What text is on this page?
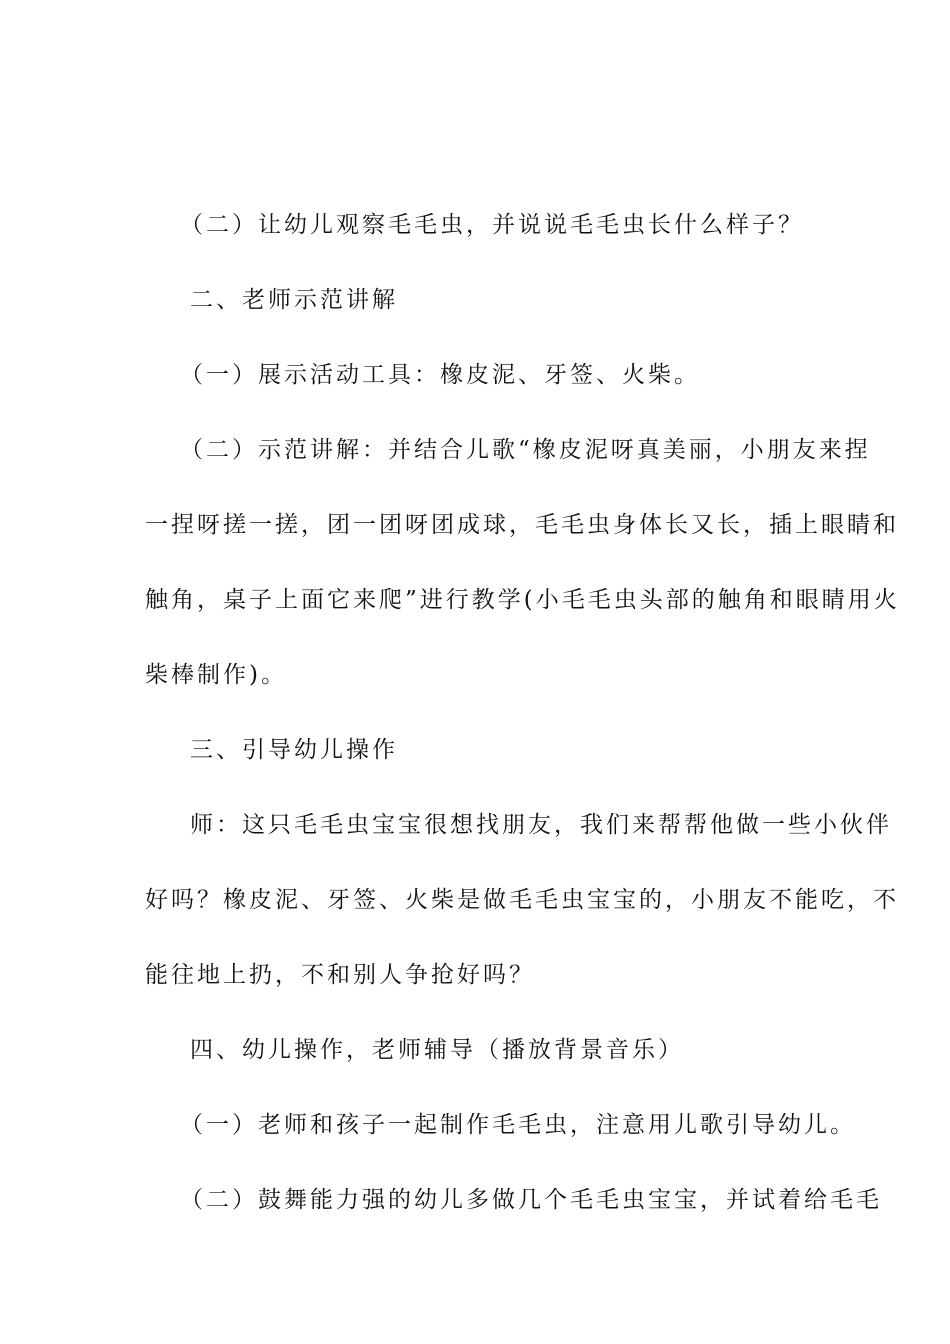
（二）让幼儿观察毛毛虫，并说说毛毛虫长什么样子？
二、老师示范讲解
（一）展示活动工具：橡皮泥、牙签、火柴。
（二）示范讲解：并结合儿歌“橡皮泥呀真美丽，小朋友来捏
一捏呀搓一搓，团一团呀团成球，毛毛虫身体长又长，插上眼睛和
触角，桌子上面它来爬”进行教学(小毛毛虫头部的触角和眼睛用火
柴棒制作)。
三、引导幼儿操作
师：这只毛毛虫宝宝很想找朋友，我们来帮帮他做一些小伙伴
好吗？橡皮泥、牙签、火柴是做毛毛虫宝宝的，小朋友不能吃，不
能往地上扔，不和别人争抢好吗？
四、幼儿操作，老师辅导（播放背景音乐）
（一）老师和孩子一起制作毛毛虫，注意用儿歌引导幼儿。
（二）鼓舞能力强的幼儿多做几个毛毛虫宝宝，并试着给毛毛
